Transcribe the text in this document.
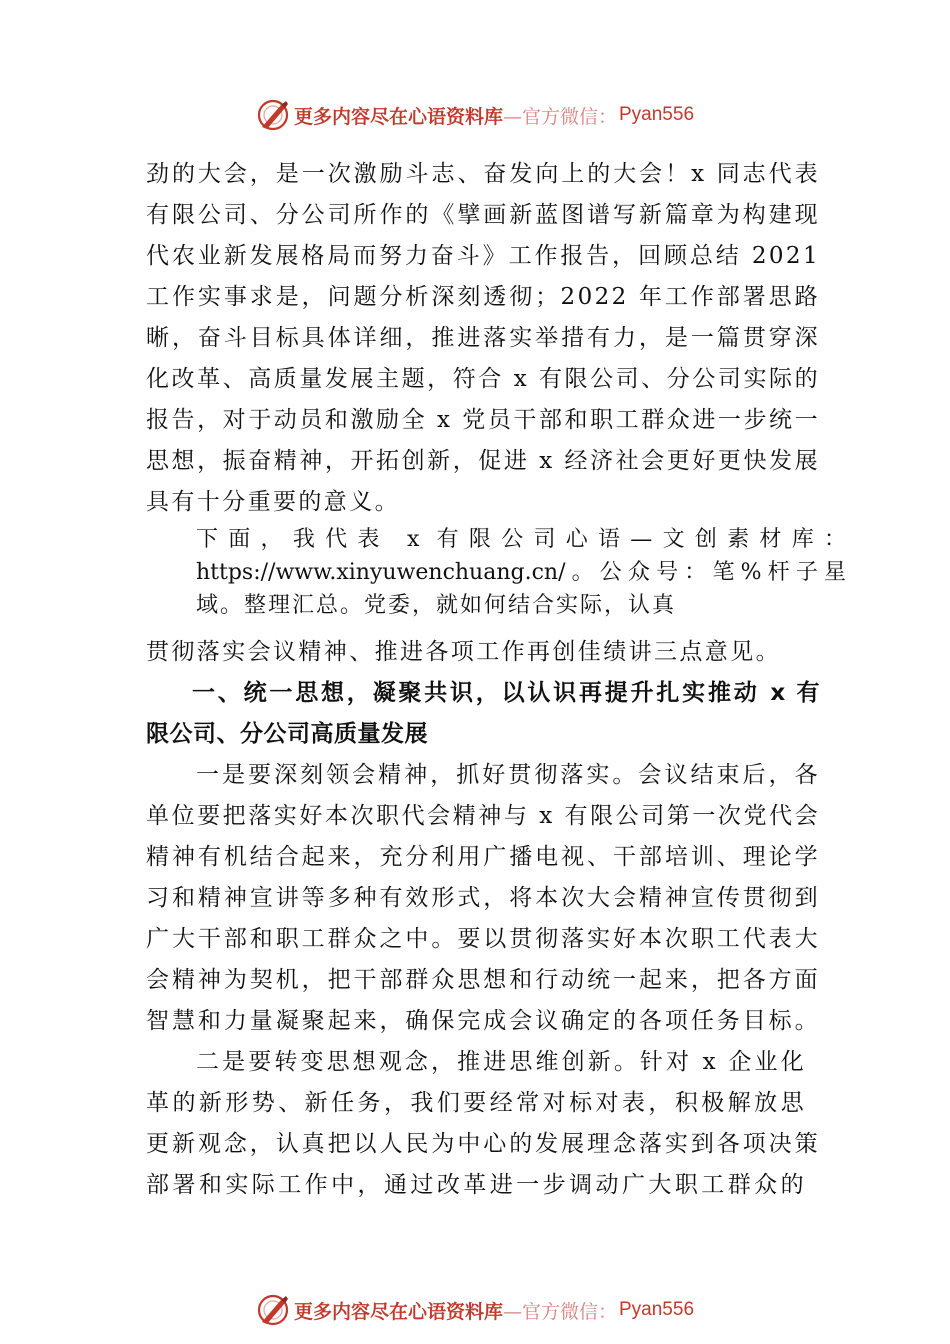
更多内容尽在心语资料库 —官方微信： Pyan556
劲的大会，是一次激励斗志、奋发向上的大会！x 同志代表
有限公司、分公司所作的《擘画新蓝图谱写新篇章为构建现
代农业新发展格局而努力奋斗》工作报告，回顾总结 2021
工作实事求是，问题分析深刻透彻；2022 年工作部署思路
晰，奋斗目标具体详细，推进落实举措有力，是一篇贯穿深
化改革、高质量发展主题，符合 x 有限公司、分公司实际的
报告，对于动员和激励全 x 党员干部和职工群众进一步统一
思想，振奋精神，开拓创新，促进 x 经济社会更好更快发展
具有十分重要的意义。
下面，我代表 x 有限公司心语—文创素材库：
https://www.xinyuwenchuang.cn/。公众号：笔%杆子星
域。整理汇总。党委，就如何结合实际，认真
贯彻落实会议精神、推进各项工作再创佳绩讲三点意见。
一、统一思想，凝聚共识，以认识再提升扎实推动 x 有
限公司、分公司高质量发展
一是要深刻领会精神，抓好贯彻落实。会议结束后，各
单位要把落实好本次职代会精神与 x 有限公司第一次党代会
精神有机结合起来，充分利用广播电视、干部培训、理论学
习和精神宣讲等多种有效形式，将本次大会精神宣传贯彻到
广大干部和职工群众之中。要以贯彻落实好本次职工代表大
会精神为契机，把干部群众思想和行动统一起来，把各方面
智慧和力量凝聚起来，确保完成会议确定的各项任务目标。
二是要转变思想观念，推进思维创新。针对 x 企业化
革的新形势、新任务，我们要经常对标对表，积极解放思
更新观念，认真把以人民为中心的发展理念落实到各项决策
部署和实际工作中，通过改革进一步调动广大职工群众的
更多内容尽在心语资料库 —官方微信： Pyan556
